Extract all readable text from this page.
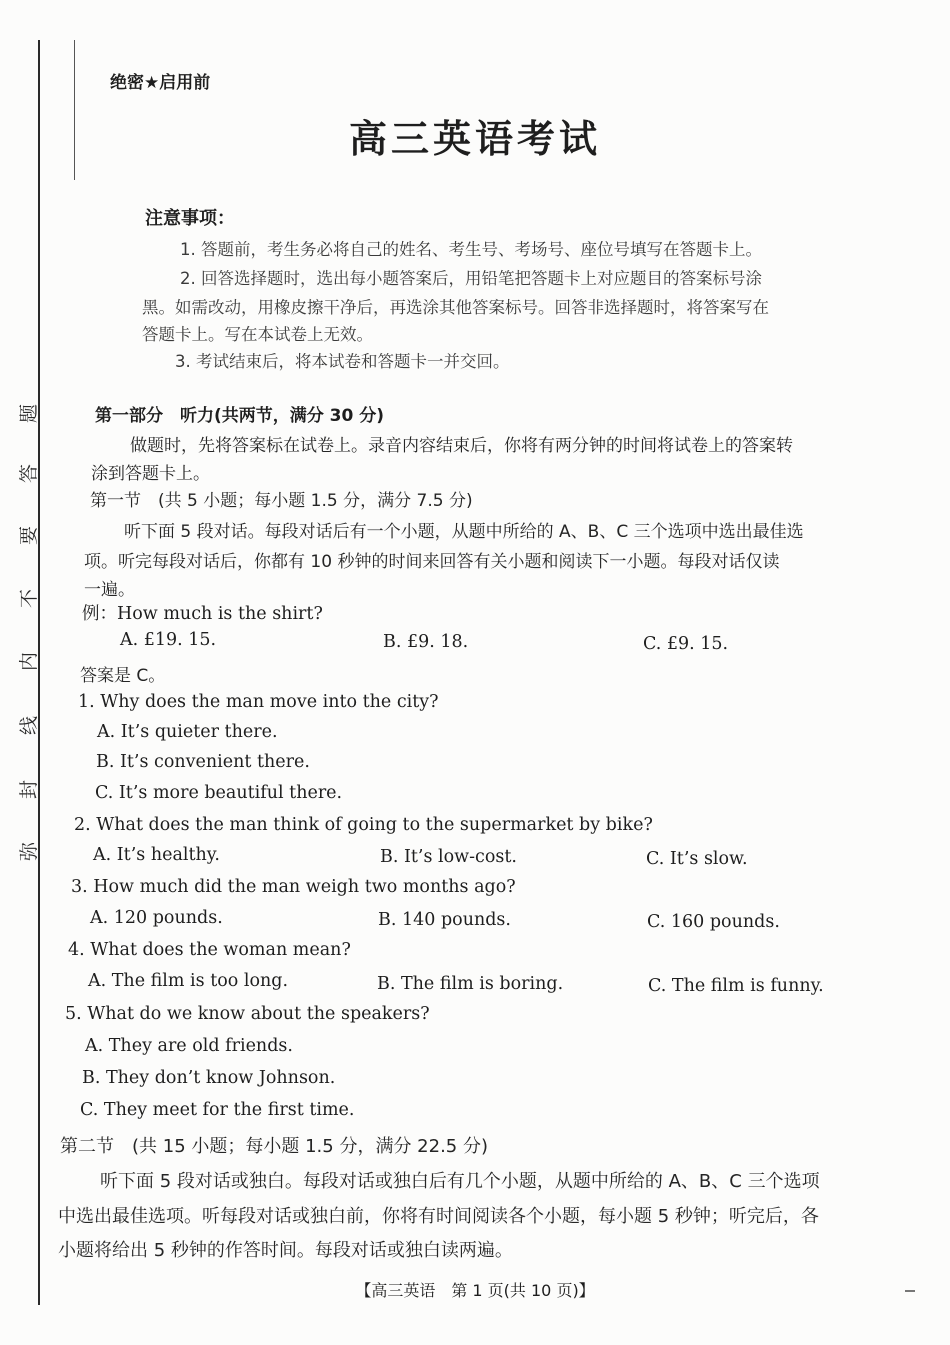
题
答
要
不
内
线
封
弥
绝密★启用前
高三英语考试
注意事项：
1. 答题前，考生务必将自己的姓名、考生号、考场号、座位号填写在答题卡上。
2. 回答选择题时，选出每小题答案后，用铅笔把答题卡上对应题目的答案标号涂
黑。如需改动，用橡皮擦干净后，再选涂其他答案标号。回答非选择题时，将答案写在
答题卡上。写在本试卷上无效。
3. 考试结束后，将本试卷和答题卡一并交回。
第一部分　听力(共两节，满分 30 分)
做题时，先将答案标在试卷上。录音内容结束后，你将有两分钟的时间将试卷上的答案转
涂到答题卡上。
第一节　(共 5 小题；每小题 1.5 分，满分 7.5 分)
听下面 5 段对话。每段对话后有一个小题，从题中所给的 A、B、C 三个选项中选出最佳选
项。听完每段对话后，你都有 10 秒钟的时间来回答有关小题和阅读下一小题。每段对话仅读
一遍。
例：How much is the shirt?
A. £19. 15.	B. £9. 18.	C. £9. 15.
答案是 C。
1. Why does the man move into the city?
A. It’s quieter there.
B. It’s convenient there.
C. It’s more beautiful there.
2. What does the man think of going to the supermarket by bike?
A. It’s healthy.	B. It’s low-cost.	C. It’s slow.
3. How much did the man weigh two months ago?
A. 120 pounds.	B. 140 pounds.	C. 160 pounds.
4. What does the woman mean?
A. The film is too long.	B. The film is boring.	C. The film is funny.
5. What do we know about the speakers?
A. They are old friends.
B. They don’t know Johnson.
C. They meet for the first time.
第二节　(共 15 小题；每小题 1.5 分，满分 22.5 分)
听下面 5 段对话或独白。每段对话或独白后有几个小题，从题中所给的 A、B、C 三个选项
中选出最佳选项。听每段对话或独白前，你将有时间阅读各个小题，每小题 5 秒钟；听完后，各
小题将给出 5 秒钟的作答时间。每段对话或独白读两遍。
【高三英语　第 1 页(共 10 页)】
